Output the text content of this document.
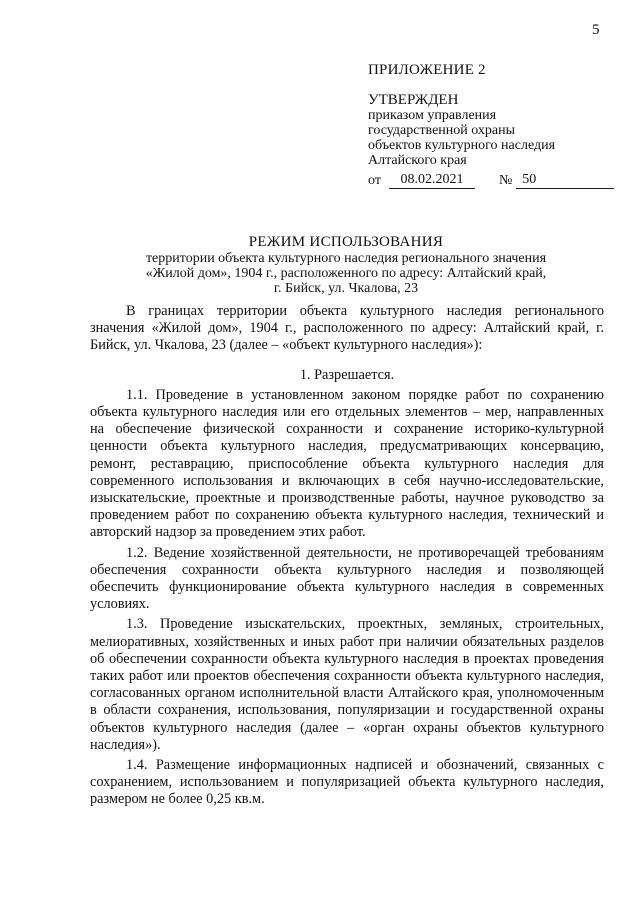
5
ПРИЛОЖЕНИЕ 2
УТВЕРЖДЕН
приказом управления
государственной охраны
объектов культурного наследия
Алтайского края
от	08.02.2021	№ 50
РЕЖИМ ИСПОЛЬЗОВАНИЯ
территории объекта культурного наследия регионального значения
«Жилой дом», 1904 г., расположенного по адресу: Алтайский край,
г. Бийск, ул. Чкалова, 23

В границах территории объекта культурного наследия регионального значения «Жилой дом», 1904 г., расположенного по адресу: Алтайский край, г. Бийск, ул. Чкалова, 23 (далее – «объект культурного наследия»):

1. Разрешается.

1.1. Проведение в установленном законом порядке работ по сохранению объекта культурного наследия или его отдельных элементов – мер, направленных на обеспечение физической сохранности и сохранение историко-культурной ценности объекта культурного наследия, предусматривающих консервацию, ремонт, реставрацию, приспособление объекта культурного наследия для современного использования и включающих в себя научно-исследовательские, изыскательские, проектные и производственные работы, научное руководство за проведением работ по сохранению объекта культурного наследия, технический и авторский надзор за проведением этих работ.

1.2. Ведение хозяйственной деятельности, не противоречащей требованиям обеспечения сохранности объекта культурного наследия и позволяющей обеспечить функционирование объекта культурного наследия в современных условиях.

1.3. Проведение изыскательских, проектных, земляных, строительных, мелиоративных, хозяйственных и иных работ при наличии обязательных разделов об обеспечении сохранности объекта культурного наследия в проектах проведения таких работ или проектов обеспечения сохранности объекта культурного наследия, согласованных органом исполнительной власти Алтайского края, уполномоченным в области сохранения, использования, популяризации и государственной охраны объектов культурного наследия (далее – «орган охраны объектов культурного наследия»).

1.4. Размещение информационных надписей и обозначений, связанных с сохранением, использованием и популяризацией объекта культурного наследия, размером не более 0,25 кв.м.
